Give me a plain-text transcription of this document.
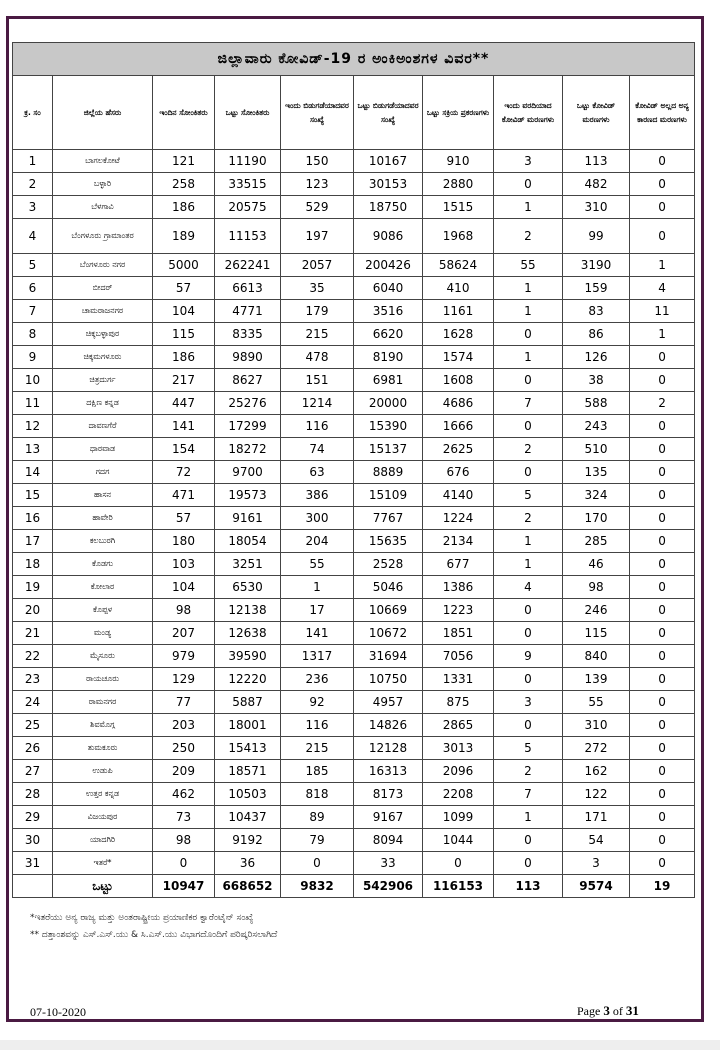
ಜಿಲ್ಲಾವಾರು ಕೋವಿಡ್-19 ರ ಅಂಕಿಅಂಶಗಳ ವಿವರ**									
ಕ್ರ. ಸಂ	ಜಿಲ್ಲೆಯ ಹೆಸರು	ಇಂದಿನ ಸೋಂಕಿತರು	ಒಟ್ಟು ಸೋಂಕಿತರು	ಇಂದು ಬಿಡುಗಡೆಯಾದವರ ಸಂಖ್ಯೆ	ಒಟ್ಟು ಬಿಡುಗಡೆಯಾದವರ ಸಂಖ್ಯೆ	ಒಟ್ಟು ಸಕ್ರಿಯ ಪ್ರಕರಣಗಳು	ಇಂದು ವರದಿಯಾದ ಕೋವಿಡ್ ಮರಣಗಳು	ಒಟ್ಟು ಕೋವಿಡ್ ಮರಣಗಳು	ಕೋವಿಡ್ ಅಲ್ಲದ ಅನ್ಯ ಕಾರಣದ ಮರಣಗಳು
1	ಬಾಗಲಕೋಟೆ	121	11190	150	10167	910	3	113	0
2	ಬಳ್ಳಾರಿ	258	33515	123	30153	2880	0	482	0
3	ಬೆಳಗಾವಿ	186	20575	529	18750	1515	1	310	0
4	ಬೆಂಗಳೂರು ಗ್ರಾಮಾಂತರ	189	11153	197	9086	1968	2	99	0
5	ಬೆಂಗಳೂರು ನಗರ	5000	262241	2057	200426	58624	55	3190	1
6	ಬೀದರ್	57	6613	35	6040	410	1	159	4
7	ಚಾಮರಾಜನಗರ	104	4771	179	3516	1161	1	83	11
8	ಚಿಕ್ಕಬಳ್ಳಾಪುರ	115	8335	215	6620	1628	0	86	1
9	ಚಿಕ್ಕಮಗಳೂರು	186	9890	478	8190	1574	1	126	0
10	ಚಿತ್ರದುರ್ಗ	217	8627	151	6981	1608	0	38	0
11	ದಕ್ಷಿಣ ಕನ್ನಡ	447	25276	1214	20000	4686	7	588	2
12	ದಾವಣಗೆರೆ	141	17299	116	15390	1666	0	243	0
13	ಧಾರವಾಡ	154	18272	74	15137	2625	2	510	0
14	ಗದಗ	72	9700	63	8889	676	0	135	0
15	ಹಾಸನ	471	19573	386	15109	4140	5	324	0
16	ಹಾವೇರಿ	57	9161	300	7767	1224	2	170	0
17	ಕಲಬುರಗಿ	180	18054	204	15635	2134	1	285	0
18	ಕೊಡಗು	103	3251	55	2528	677	1	46	0
19	ಕೋಲಾರ	104	6530	1	5046	1386	4	98	0
20	ಕೊಪ್ಪಳ	98	12138	17	10669	1223	0	246	0
21	ಮಂಡ್ಯ	207	12638	141	10672	1851	0	115	0
22	ಮೈಸೂರು	979	39590	1317	31694	7056	9	840	0
23	ರಾಯಚೂರು	129	12220	236	10750	1331	0	139	0
24	ರಾಮನಗರ	77	5887	92	4957	875	3	55	0
25	ಶಿವಮೊಗ್ಗ	203	18001	116	14826	2865	0	310	0
26	ತುಮಕೂರು	250	15413	215	12128	3013	5	272	0
27	ಉಡುಪಿ	209	18571	185	16313	2096	2	162	0
28	ಉತ್ತರ ಕನ್ನಡ	462	10503	818	8173	2208	7	122	0
29	ವಿಜಯಪುರ	73	10437	89	9167	1099	1	171	0
30	ಯಾದಗಿರಿ	98	9192	79	8094	1044	0	54	0
31	ಇತರೆ*	0	36	0	33	0	0	3	0
	ಒಟ್ಟು	10947	668652	9832	542906	116153	113	9574	19
*ಇತರೆಯು ಅನ್ಯ ರಾಜ್ಯ ಮತ್ತು ಅಂತರಾಷ್ಟ್ರೀಯ ಪ್ರಯಾಣಿಕರ ಕ್ವಾರೆಂಟೈನ್ ಸಂಖ್ಯೆ
** ದತ್ತಾಂಶವನ್ನು ಎಸ್.ಎಸ್.ಯು & ಸಿ.ಎಸ್.ಯು ವಿಭಾಗದೊಂದಿಗೆ ಪರಿಷ್ಕರಿಸಲಾಗಿದೆ
07-10-2020	Page 3 of 31
